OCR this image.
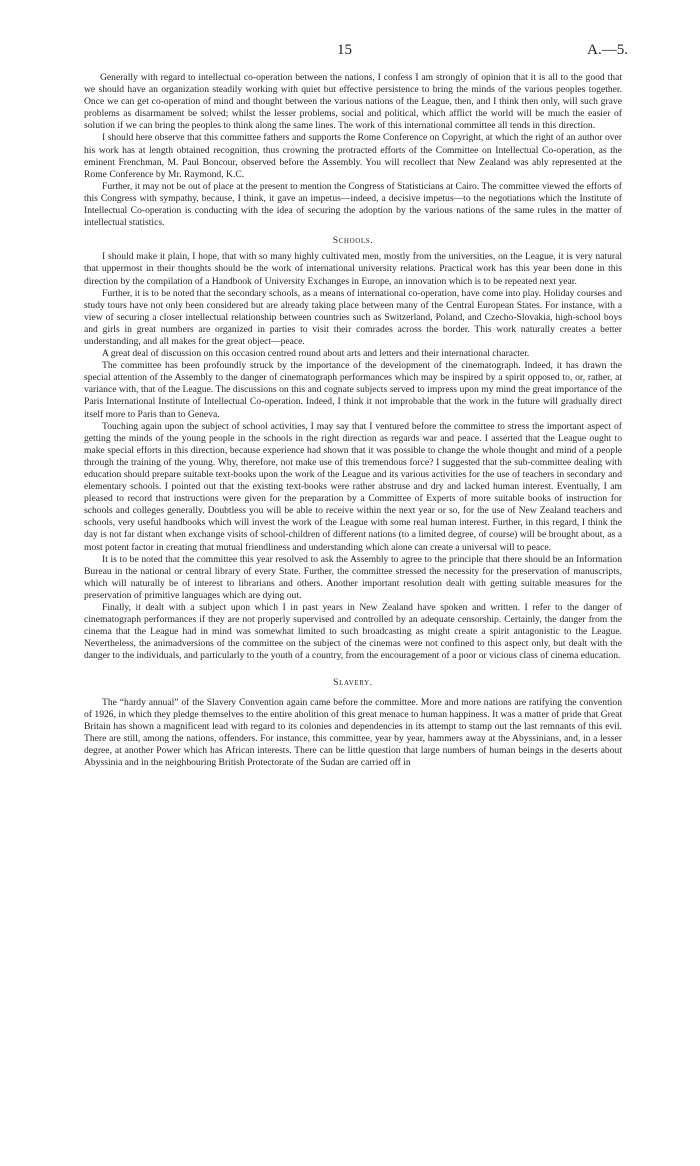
15	A.—5.

Generally with regard to intellectual co-operation between the nations, I confess I am strongly of opinion that it is all to the good that we should have an organization steadily working with quiet but effective persistence to bring the minds of the various peoples together. Once we can get co-operation of mind and thought between the various nations of the League, then, and I think then only, will such grave problems as disarmament be solved; whilst the lesser problems, social and political, which afflict the world will be much the easier of solution if we can bring the peoples to think along the same lines. The work of this international committee all tends in this direction.

I should here observe that this committee fathers and supports the Rome Conference on Copyright, at which the right of an author over his work has at length obtained recognition, thus crowning the protracted efforts of the Committee on Intellectual Co-operation, as the eminent Frenchman, M. Paul Boncour, observed before the Assembly. You will recollect that New Zealand was ably represented at the Rome Conference by Mr. Raymond, K.C.

Further, it may not be out of place at the present to mention the Congress of Statisticians at Cairo. The committee viewed the efforts of this Congress with sympathy, because, I think, it gave an impetus—indeed, a decisive impetus—to the negotiations which the Institute of Intellectual Co-operation is conducting with the idea of securing the adoption by the various nations of the same rules in the matter of intellectual statistics.

Schools.

I should make it plain, I hope, that with so many highly cultivated men, mostly from the universities, on the League, it is very natural that uppermost in their thoughts should be the work of international university relations. Practical work has this year been done in this direction by the compilation of a Handbook of University Exchanges in Europe, an innovation which is to be repeated next year.

Further, it is to be noted that the secondary schools, as a means of international co-operation, have come into play. Holiday courses and study tours have not only been considered but are already taking place between many of the Central European States. For instance, with a view of securing a closer intellectual relationship between countries such as Switzerland, Poland, and Czecho-Slovakia, high-school boys and girls in great numbers are organized in parties to visit their comrades across the border. This work naturally creates a better understanding, and all makes for the great object—peace.

A great deal of discussion on this occasion centred round about arts and letters and their international character.

The committee has been profoundly struck by the importance of the development of the cinematograph. Indeed, it has drawn the special attention of the Assembly to the danger of cinematograph performances which may be inspired by a spirit opposed to, or, rather, at variance with, that of the League. The discussions on this and cognate subjects served to impress upon my mind the great importance of the Paris International Institute of Intellectual Co-operation. Indeed, I think it not improbable that the work in the future will gradually direct itself more to Paris than to Geneva.

Touching again upon the subject of school activities, I may say that I ventured before the committee to stress the important aspect of getting the minds of the young people in the schools in the right direction as regards war and peace. I asserted that the League ought to make special efforts in this direction, because experience had shown that it was possible to change the whole thought and mind of a people through the training of the young. Why, therefore, not make use of this tremendous force? I suggested that the sub-committee dealing with education should prepare suitable text-books upon the work of the League and its various activities for the use of teachers in secondary and elementary schools. I pointed out that the existing text-books were rather abstruse and dry and lacked human interest. Eventually, I am pleased to record that instructions were given for the preparation by a Committee of Experts of more suitable books of instruction for schools and colleges generally. Doubtless you will be able to receive within the next year or so, for the use of New Zealand teachers and schools, very useful handbooks which will invest the work of the League with some real human interest. Further, in this regard, I think the day is not far distant when exchange visits of school-children of different nations (to a limited degree, of course) will be brought about, as a most potent factor in creating that mutual friendliness and understanding which alone can create a universal will to peace.

It is to be noted that the committee this year resolved to ask the Assembly to agree to the principle that there should be an Information Bureau in the national or central library of every State. Further, the committee stressed the necessity for the preservation of manuscripts, which will naturally be of interest to librarians and others. Another important resolution dealt with getting suitable measures for the preservation of primitive languages which are dying out.

Finally, it dealt with a subject upon which I in past years in New Zealand have spoken and written. I refer to the danger of cinematograph performances if they are not properly supervised and controlled by an adequate censorship. Certainly, the danger from the cinema that the League had in mind was somewhat limited to such broadcasting as might create a spirit antagonistic to the League. Nevertheless, the animadversions of the committee on the subject of the cinemas were not confined to this aspect only, but dealt with the danger to the individuals, and particularly to the youth of a country, from the encouragement of a poor or vicious class of cinema education.

Slavery.

The “hardy annual” of the Slavery Convention again came before the committee. More and more nations are ratifying the convention of 1926, in which they pledge themselves to the entire abolition of this great menace to human happiness. It was a matter of pride that Great Britain has shown a magnificent lead with regard to its colonies and dependencies in its attempt to stamp out the last remnants of this evil. There are still, among the nations, offenders. For instance, this committee, year by year, hammers away at the Abyssinians, and, in a lesser degree, at another Power which has African interests. There can be little question that large numbers of human beings in the deserts about Abyssinia and in the neighbouring British Protectorate of the Sudan are carried off in
